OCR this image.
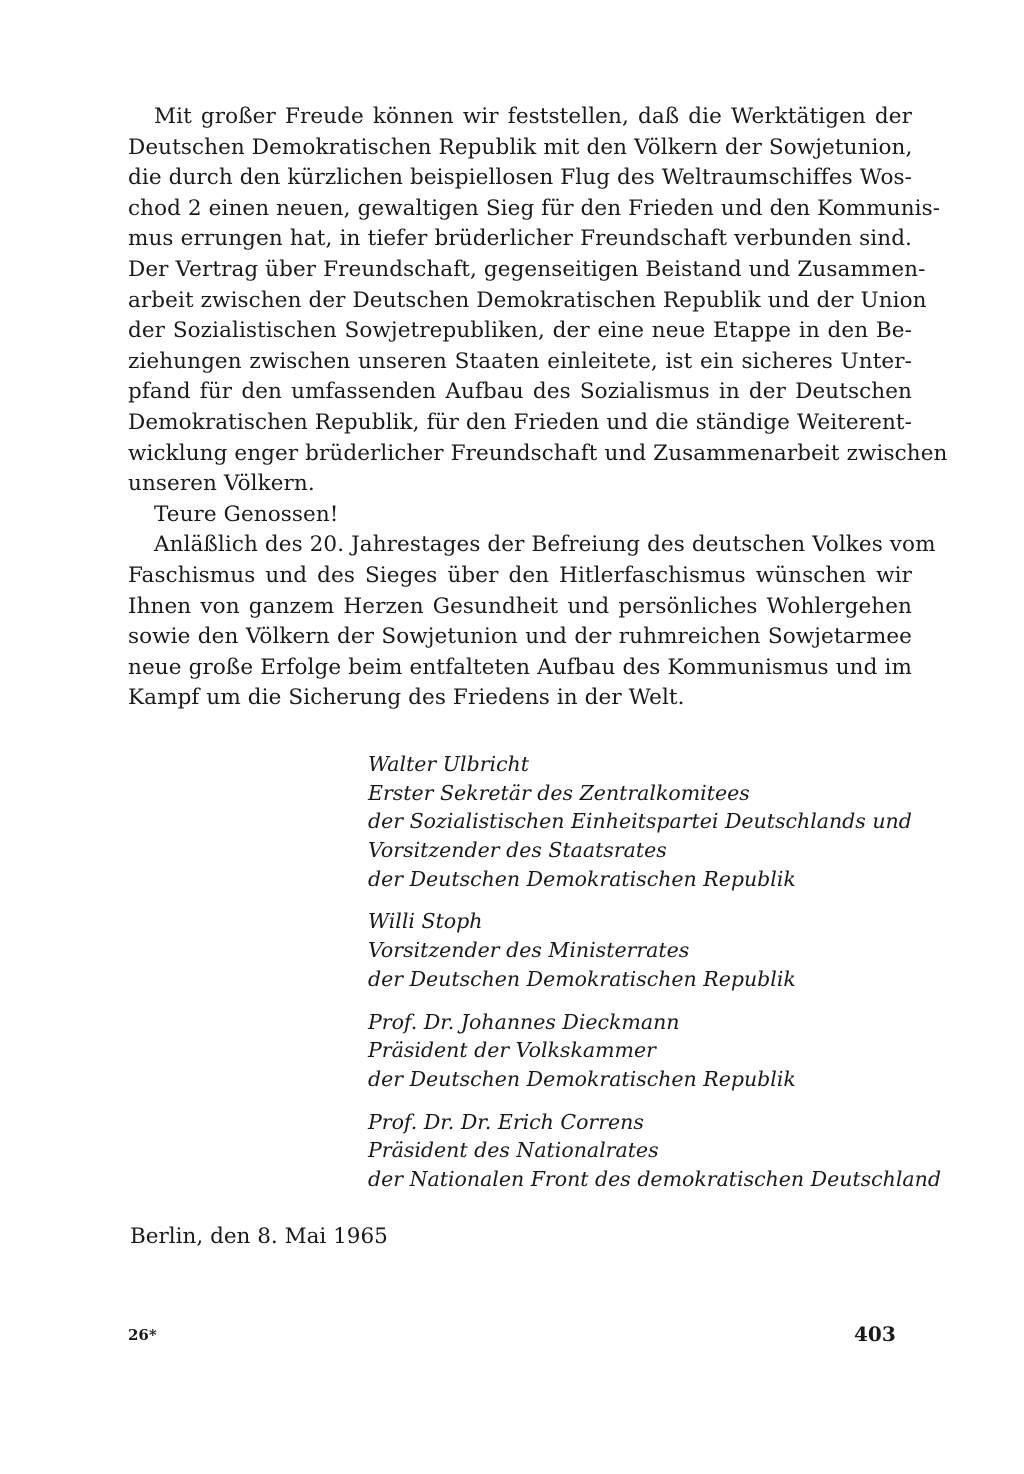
Mit großer Freude können wir feststellen, daß die Werktätigen der
Deutschen Demokratischen Republik mit den Völkern der Sowjetunion,
die durch den kürzlichen beispiellosen Flug des Weltraumschiffes Wos-
chod 2 einen neuen, gewaltigen Sieg für den Frieden und den Kommunis-
mus errungen hat, in tiefer brüderlicher Freundschaft verbunden sind.
Der Vertrag über Freundschaft, gegenseitigen Beistand und Zusammen-
arbeit zwischen der Deutschen Demokratischen Republik und der Union
der Sozialistischen Sowjetrepubliken, der eine neue Etappe in den Be-
ziehungen zwischen unseren Staaten einleitete, ist ein sicheres Unter-
pfand für den umfassenden Aufbau des Sozialismus in der Deutschen
Demokratischen Republik, für den Frieden und die ständige Weiterent-
wicklung enger brüderlicher Freundschaft und Zusammenarbeit zwischen
unseren Völkern.
Teure Genossen!
Anläßlich des 20. Jahrestages der Befreiung des deutschen Volkes vom
Faschismus und des Sieges über den Hitlerfaschismus wünschen wir
Ihnen von ganzem Herzen Gesundheit und persönliches Wohlergehen
sowie den Völkern der Sowjetunion und der ruhmreichen Sowjetarmee
neue große Erfolge beim entfalteten Aufbau des Kommunismus und im
Kampf um die Sicherung des Friedens in der Welt.
Walter Ulbricht
Erster Sekretär des Zentralkomitees
der Sozialistischen Einheitspartei Deutschlands und
Vorsitzender des Staatsrates
der Deutschen Demokratischen Republik
Willi Stoph
Vorsitzender des Ministerrates
der Deutschen Demokratischen Republik
Prof. Dr. Johannes Dieckmann
Präsident der Volkskammer
der Deutschen Demokratischen Republik
Prof. Dr. Dr. Erich Correns
Präsident des Nationalrates
der Nationalen Front des demokratischen Deutschland
Berlin, den 8. Mai 1965
26*	403
